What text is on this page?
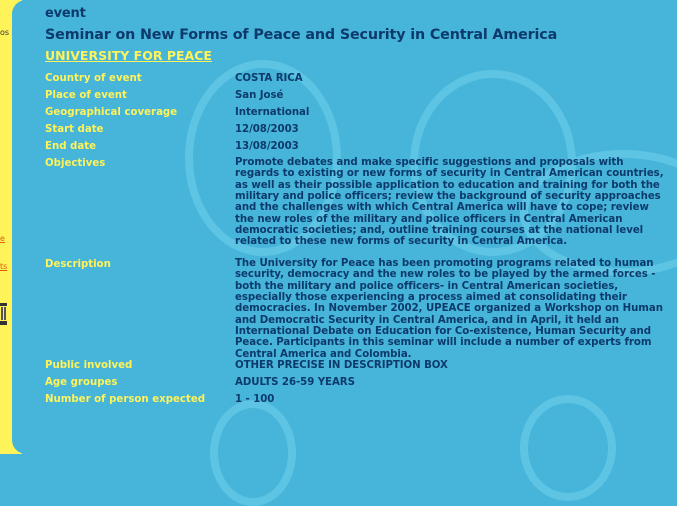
os
e
ts
event
Seminar on New Forms of Peace and Security in Central America
UNIVERSITY FOR PEACE
Country of event	COSTA RICA
Place of event	San José
Geographical coverage	International
Start date	12/08/2003
End date	13/08/2003
Objectives	Promote debates and make specific suggestions and proposals with regards to existing or new forms of security in Central American countries, as well as their possible application to education and training for both the military and police officers; review the background of security approaches and the challenges with which Central America will have to cope; review the new roles of the military and police officers in Central American democratic societies; and, outline training courses at the national level related to these new forms of security in Central America.
Description	The University for Peace has been promoting programs related to human security, democracy and the new roles to be played by the armed forces - both the military and police officers- in Central American societies, especially those experiencing a process aimed at consolidating their democracies. In November 2002, UPEACE organized a Workshop on Human and Democratic Security in Central America, and in April, it held an International Debate on Education for Co-existence, Human Security and Peace. Participants in this seminar will include a number of experts from Central America and Colombia.
Public involved	OTHER PRECISE IN DESCRIPTION BOX
Age groupes	ADULTS 26-59 YEARS
Number of person expected	1 - 100
